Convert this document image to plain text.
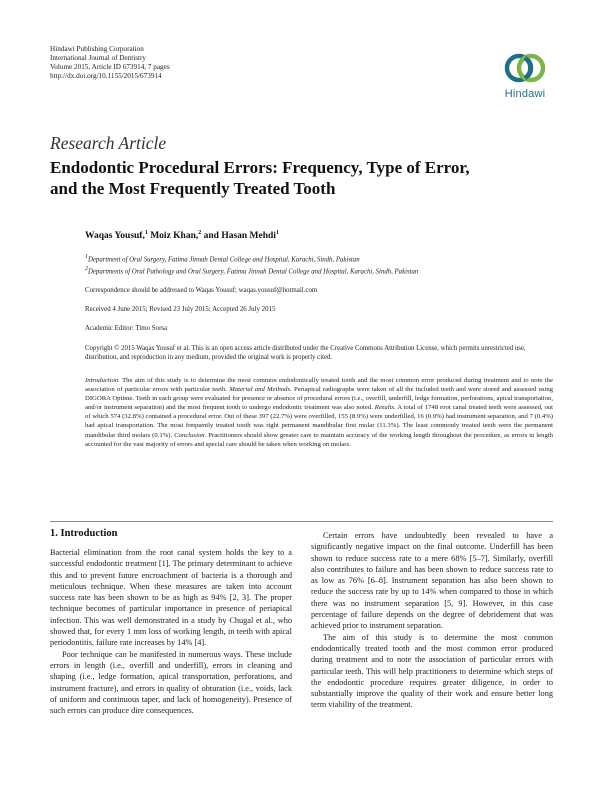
Hindawi Publishing Corporation
International Journal of Dentistry
Volume 2015, Article ID 673914, 7 pages
http://dx.doi.org/10.1155/2015/673914
Hindawi
Research Article
Endodontic Procedural Errors: Frequency, Type of Error,
and the Most Frequently Treated Tooth
Waqas Yousuf,$^1$ Moiz Khan,$^2$ and Hasan Mehdi$^1$
$^1$Department of Oral Surgery, Fatima Jinnah Dental College and Hospital, Karachi, Sindh, Pakistan
$^2$Departments of Oral Pathology and Oral Surgery, Fatima Jinnah Dental College and Hospital, Karachi, Sindh, Pakistan
Correspondence should be addressed to Waqas Yousuf; waqas.yousuf@hotmail.com
Received 4 June 2015; Revised 23 July 2015; Accepted 26 July 2015
Academic Editor: Timo Sorsa
Copyright © 2015 Waqas Yousuf et al. This is an open access article distributed under the Creative Commons Attribution License, which permits unrestricted use, distribution, and reproduction in any medium, provided the original work is properly cited.
Introduction. The aim of this study is to determine the most common endodontically treated tooth and the most common error produced during treatment and to note the association of particular errors with particular teeth. Material and Methods. Periapical radiographs were taken of all the included teeth and were stored and assessed using DIGORA Optime. Teeth in each group were evaluated for presence or absence of procedural errors (i.e., overfill, underfill, ledge formation, perforations, apical transportation, and/or instrument separation) and the most frequent tooth to undergo endodontic treatment was also noted. Results. A total of 1748 root canal treated teeth were assessed, out of which 574 (32.8%) contained a procedural error. Out of these 397 (22.7%) were overfilled, 155 (8.9%) were underfilled, 16 (0.9%) had instrument separation, and 7 (0.4%) had apical transportation. The most frequently treated tooth was right permanent mandibular first molar (11.3%). The least commonly treated teeth were the permanent mandibular third molars (0.1%). Conclusion. Practitioners should show greater care to maintain accuracy of the working length throughout the procedure, as errors in length accounted for the vast majority of errors and special care should be taken when working on molars.
1. Introduction

Bacterial elimination from the root canal system holds the key to a successful endodontic treatment [1]. The primary determinant to achieve this and to prevent future encroachment of bacteria is a thorough and meticulous technique. When these measures are taken into account success rate has been shown to be as high as 94% [2, 3]. The proper technique becomes of particular importance in presence of periapical infection. This was well demonstrated in a study by Chugal et al., who showed that, for every 1 mm loss of working length, in teeth with apical periodontitis, failure rate increases by 14% [4].

Poor technique can be manifested in numerous ways. These include errors in length (i.e., overfill and underfill), errors in cleaning and shaping (i.e., ledge formation, apical transportation, perforations, and instrument fracture), and errors in quality of obturation (i.e., voids, lack of uniform and continuous taper, and lack of homogeneity). Presence of such errors can produce dire consequences.

Certain errors have undoubtedly been revealed to have a significantly negative impact on the final outcome. Underfill has been shown to reduce success rate to a mere 68% [5–7]. Similarly, overfill also contributes to failure and has been shown to reduce success rate to as low as 76% [6–8]. Instrument separation has also been shown to reduce the success rate by up to 14% when compared to those in which there was no instrument separation [5, 9]. However, in this case percentage of failure depends on the degree of debridement that was achieved prior to instrument separation.

The aim of this study is to determine the most common endodontically treated tooth and the most common error produced during treatment and to note the association of particular errors with particular teeth. This will help practitioners to determine which steps of the endodontic procedure requires greater diligence, in order to substantially improve the quality of their work and ensure better long term viability of the treatment.
